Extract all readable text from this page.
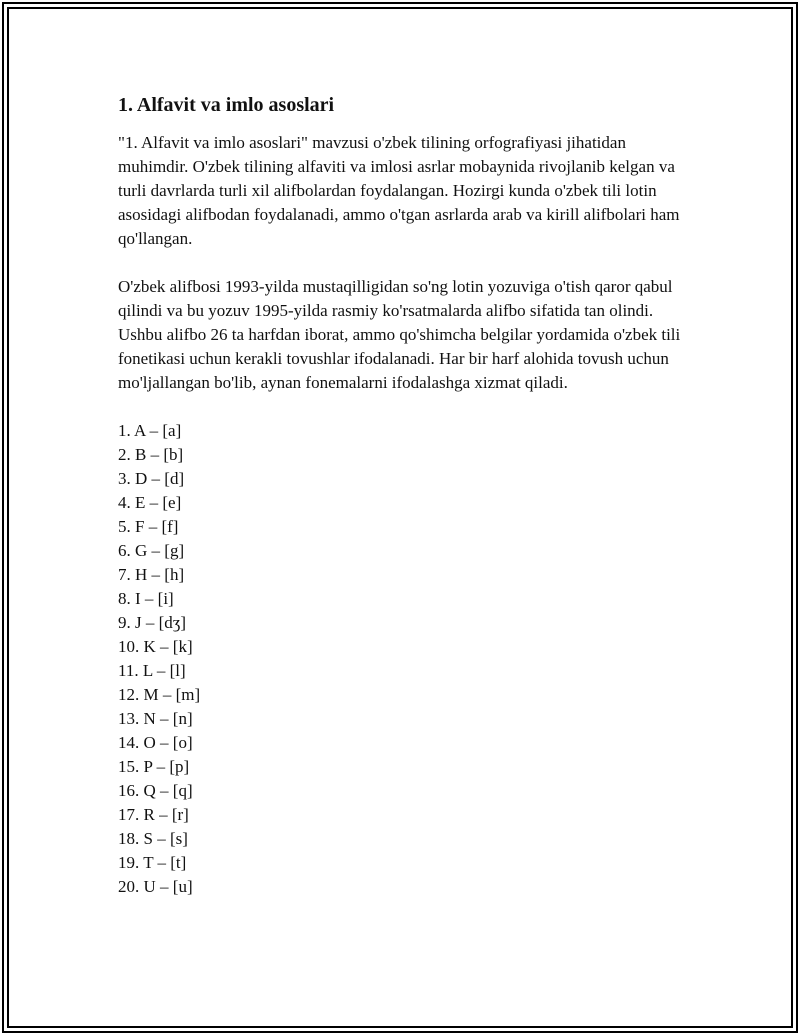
1. Alfavit va imlo asoslari

"1. Alfavit va imlo asoslari" mavzusi o'zbek tilining orfografiyasi jihatidan muhimdir. O'zbek tilining alfaviti va imlosi asrlar mobaynida rivojlanib kelgan va turli davrlarda turli xil alifbolardan foydalangan. Hozirgi kunda o'zbek tili lotin asosidagi alifbodan foydalanadi, ammo o'tgan asrlarda arab va kirill alifbolari ham qo'llangan.

O'zbek alifbosi 1993-yilda mustaqilligidan so'ng lotin yozuviga o'tish qaror qabul qilindi va bu yozuv 1995-yilda rasmiy ko'rsatmalarda alifbo sifatida tan olindi. Ushbu alifbo 26 ta harfdan iborat, ammo qo'shimcha belgilar yordamida o'zbek tili fonetikasi uchun kerakli tovushlar ifodalanadi. Har bir harf alohida tovush uchun mo'ljallangan bo'lib, aynan fonemalarni ifodalashga xizmat qiladi.

1. A – [a]
2. B – [b]
3. D – [d]
4. E – [e]
5. F – [f]
6. G – [g]
7. H – [h]
8. I – [i]
9. J – [dʒ]
10. K – [k]
11. L – [l]
12. M – [m]
13. N – [n]
14. O – [o]
15. P – [p]
16. Q – [q]
17. R – [r]
18. S – [s]
19. T – [t]
20. U – [u]
